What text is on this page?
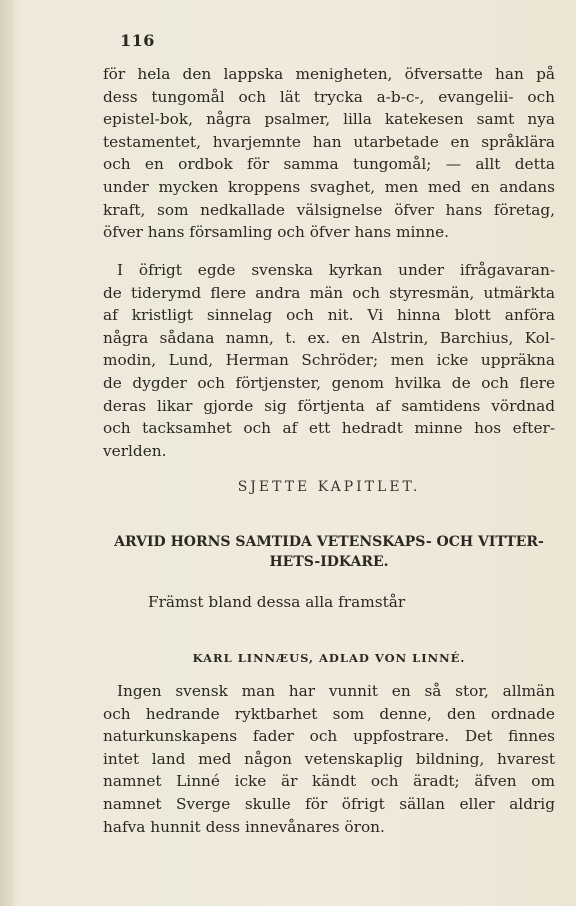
116

för hela den lappska menigheten, öfversatte han på
dess tungomål och lät trycka a-b-c-, evangelii- och
epistel-bok, några psalmer, lilla katekesen samt nya
testamentet, hvarjemnte han utarbetade en språklära
och en ordbok för samma tungomål; — allt detta
under mycken kroppens svaghet, men med en andans
kraft, som nedkallade välsignelse öfver hans företag,
öfver hans församling och öfver hans minne.

I öfrigt egde svenska kyrkan under ifrågavaran-
de tiderymd flere andra män och styresmän, utmärkta
af kristligt sinnelag och nit. Vi hinna blott anföra
några sådana namn, t. ex. en Alstrin, Barchius, Kol-
modin, Lund, Herman Schröder; men icke uppräkna
de dygder och förtjenster, genom hvilka de och flere
deras likar gjorde sig förtjenta af samtidens vördnad
och tacksamhet och af ett hedradt minne hos efter-
verlden.

SJETTE KAPITLET.
ARVID HORNS SAMTIDA VETENSKAPS- OCH VITTER-
HETS-IDKARE.
Främst bland dessa alla framstår
KARL LINNÆUS, ADLAD VON LINNÉ.

Ingen svensk man har vunnit en så stor, allmän
och hedrande ryktbarhet som denne, den ordnade
naturkunskapens fader och uppfostrare. Det finnes
intet land med någon vetenskaplig bildning, hvarest
namnet Linné icke är kändt och äradt; äfven om
namnet Sverge skulle för öfrigt sällan eller aldrig
hafva hunnit dess innevånares öron.
